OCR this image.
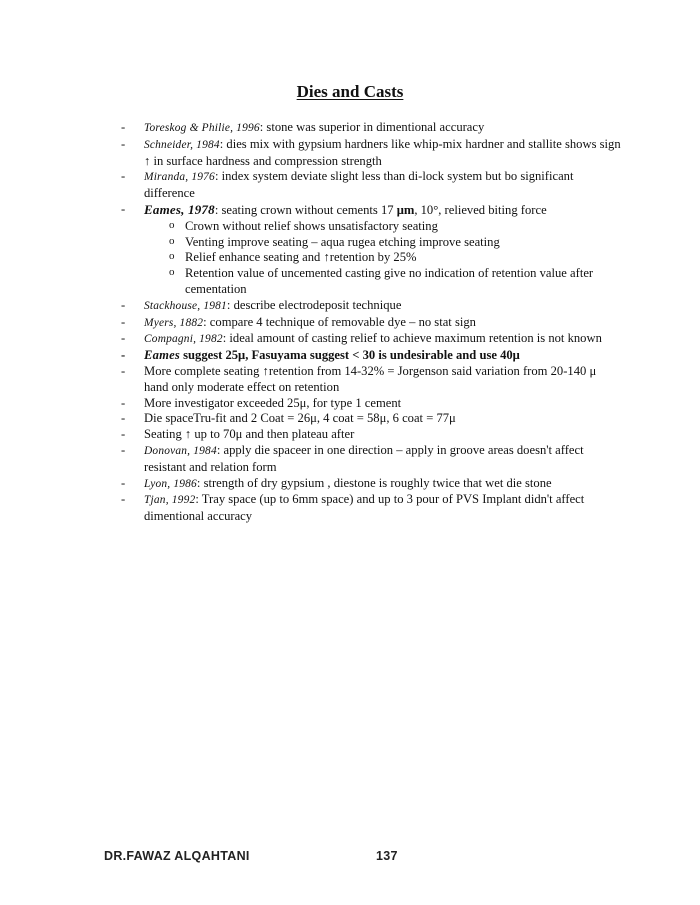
Dies and Casts
- Toreskog & Philie, 1996: stone was superior in dimentional accuracy
- Schneider, 1984: dies mix with gypsium hardners like whip-mix hardner and stallite shows sign ↑ in surface hardness and compression strength
- Miranda, 1976: index system deviate slight less than di-lock system but bo significant difference
- Eames, 1978: seating crown without cements 17 μm, 10°, relieved biting force
o Crown without relief shows unsatisfactory seating
o Venting improve seating – aqua rugea etching improve seating
o Relief enhance seating and ↑retention by 25%
o Retention value of uncemented casting give no indication of retention value after cementation
- Stackhouse, 1981: describe electrodeposit technique
- Myers, 1882: compare 4 technique of removable dye – no stat sign
- Compagni, 1982: ideal amount of casting relief to achieve maximum retention is not known
- Eames suggest 25μ, Fasuyama suggest < 30 is undesirable and use 40μ
- More complete seating ↑retention from 14-32% = Jorgenson said variation from 20-140 μ hand only moderate effect on retention
- More investigator exceeded 25μ, for type 1 cement
- Die spaceTru-fit and 2 Coat = 26μ, 4 coat = 58μ, 6 coat = 77μ
- Seating ↑ up to 70μ and then plateau after
- Donovan, 1984: apply die spaceer in one direction – apply in groove areas doesn't affect resistant and relation form
- Lyon, 1986: strength of dry gypsium , diestone is roughly twice that wet die stone
- Tjan, 1992: Tray space (up to 6mm space) and up to 3 pour of PVS Implant didn't affect dimentional accuracy
DR.FAWAZ ALQAHTANI	137
